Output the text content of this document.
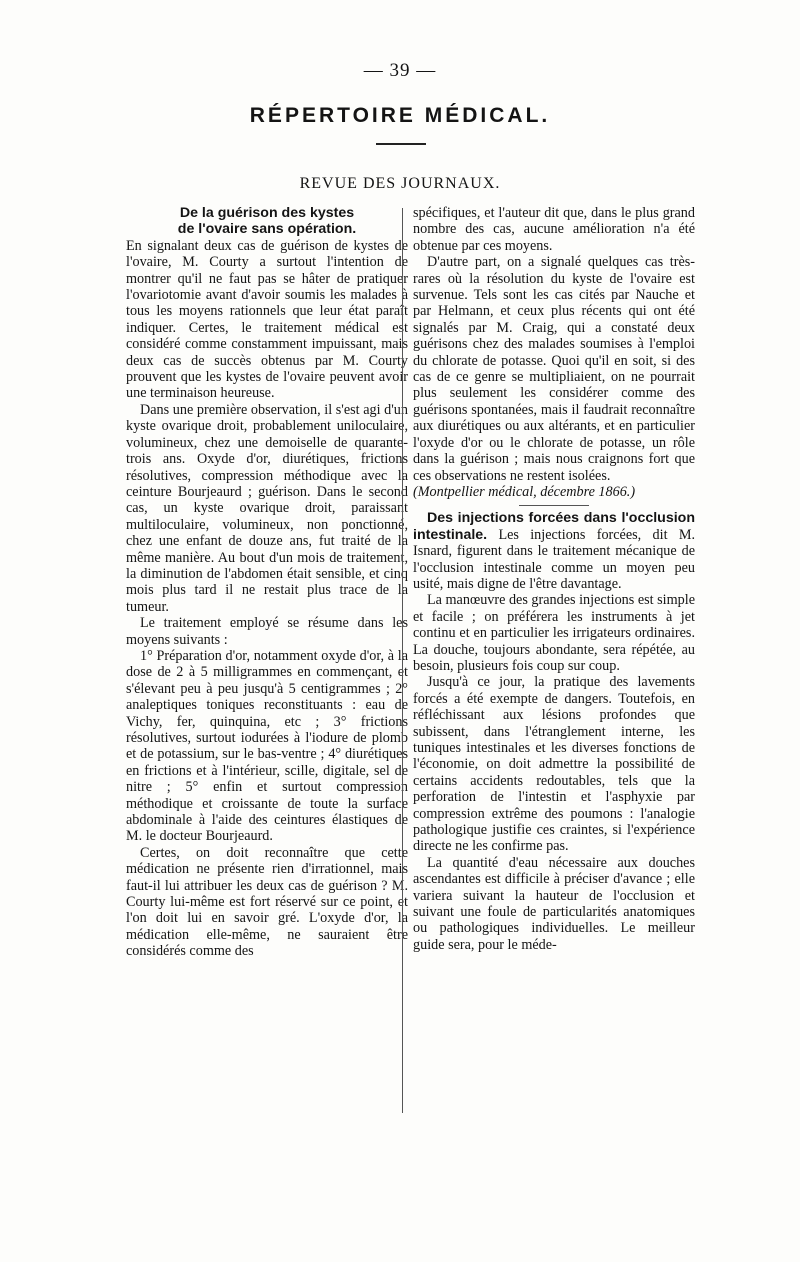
— 39 —
RÉPERTOIRE MÉDICAL.
REVUE DES JOURNAUX.
De la guérison des kystes
de l'ovaire sans opération.

En signalant deux cas de guérison de kystes de l'ovaire, M. Courty a surtout l'intention de montrer qu'il ne faut pas se hâter de pratiquer l'ovariotomie avant d'avoir soumis les malades à tous les moyens rationnels que leur état paraît indiquer. Certes, le traitement médical est considéré comme constamment impuissant, mais deux cas de succès obtenus par M. Courty prouvent que les kystes de l'ovaire peuvent avoir une terminaison heureuse.

Dans une première observation, il s'est agi d'un kyste ovarique droit, probablement uniloculaire, volumineux, chez une demoiselle de quarante-trois ans. Oxyde d'or, diurétiques, frictions résolutives, compression méthodique avec la ceinture Bourjeaurd ; guérison. Dans le second cas, un kyste ovarique droit, paraissant multiloculaire, volumineux, non ponctionné, chez une enfant de douze ans, fut traité de la même manière. Au bout d'un mois de traitement, la diminution de l'abdomen était sensible, et cinq mois plus tard il ne restait plus trace de la tumeur.

Le traitement employé se résume dans les moyens suivants :

1° Préparation d'or, notamment oxyde d'or, à la dose de 2 à 5 milligrammes en commençant, et s'élevant peu à peu jusqu'à 5 centigrammes ; 2° analeptiques toniques reconstituants : eau de Vichy, fer, quinquina, etc ; 3° frictions résolutives, surtout iodurées à l'iodure de plomb et de potassium, sur le bas-ventre ; 4° diurétiques en frictions et à l'intérieur, scille, digitale, sel de nitre ; 5° enfin et surtout compression méthodique et croissante de toute la surface abdominale à l'aide des ceintures élastiques de M. le docteur Bourjeaurd.

Certes, on doit reconnaître que cette médication ne présente rien d'irrationnel, mais faut-il lui attribuer les deux cas de guérison ? M. Courty lui-même est fort réservé sur ce point, et l'on doit lui en savoir gré. L'oxyde d'or, la médication elle-même, ne sauraient être considérés comme des

spécifiques, et l'auteur dit que, dans le plus grand nombre des cas, aucune amélioration n'a été obtenue par ces moyens.

D'autre part, on a signalé quelques cas très-rares où la résolution du kyste de l'ovaire est survenue. Tels sont les cas cités par Nauche et par Helmann, et ceux plus récents qui ont été signalés par M. Craig, qui a constaté deux guérisons chez des malades soumises à l'emploi du chlorate de potasse. Quoi qu'il en soit, si des cas de ce genre se multipliaient, on ne pourrait plus seulement les considérer comme des guérisons spontanées, mais il faudrait reconnaître aux diurétiques ou aux altérants, et en particulier l'oxyde d'or ou le chlorate de potasse, un rôle dans la guérison ; mais nous craignons fort que ces observations ne restent isolées.

(Montpellier médical, décembre 1866.)

Des injections forcées dans l'occlusion intestinale. Les injections forcées, dit M. Isnard, figurent dans le traitement mécanique de l'occlusion intestinale comme un moyen peu usité, mais digne de l'être davantage.

La manœuvre des grandes injections est simple et facile ; on préférera les instruments à jet continu et en particulier les irrigateurs ordinaires. La douche, toujours abondante, sera répétée, au besoin, plusieurs fois coup sur coup.

Jusqu'à ce jour, la pratique des lavements forcés a été exempte de dangers. Toutefois, en réfléchissant aux lésions profondes que subissent, dans l'étranglement interne, les tuniques intestinales et les diverses fonctions de l'économie, on doit admettre la possibilité de certains accidents redoutables, tels que la perforation de l'intestin et l'asphyxie par compression extrême des poumons : l'analogie pathologique justifie ces craintes, si l'expérience directe ne les confirme pas.

La quantité d'eau nécessaire aux douches ascendantes est difficile à préciser d'avance ; elle variera suivant la hauteur de l'occlusion et suivant une foule de particularités anatomiques ou pathologiques individuelles. Le meilleur guide sera, pour le méde-
